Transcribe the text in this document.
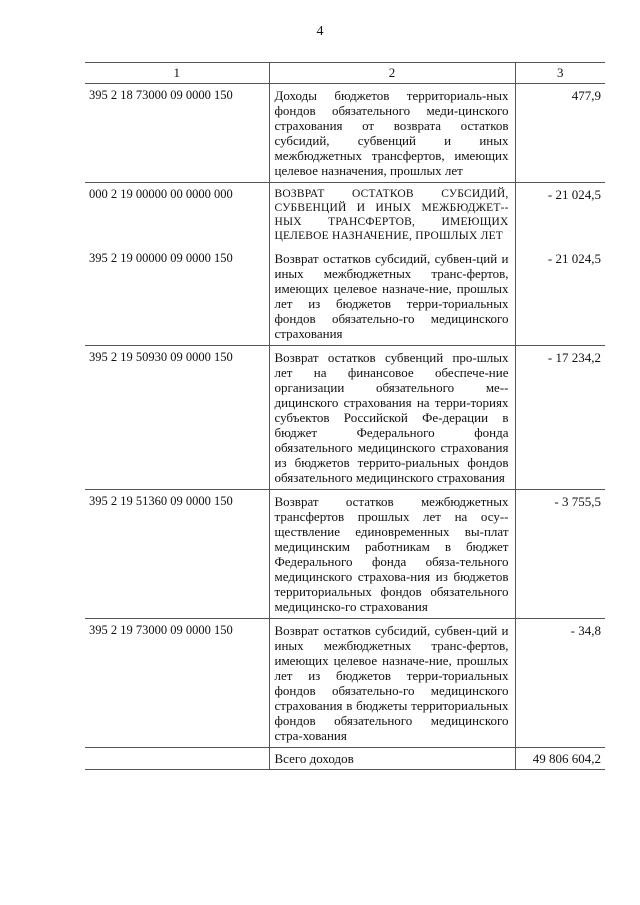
4
1	2	3
395 2 18 73000 09 0000 150	Доходы бюджетов территориаль-ных фондов обязательного меди-цинского страхования от возврата остатков субсидий, субвенций и иных межбюджетных трансфертов, имеющих целевое назначения, прошлых лет	477,9
000 2 19 00000 00 0000 000	ВОЗВРАТ ОСТАТКОВ СУБСИДИЙ, СУБВЕНЦИЙ И ИНЫХ МЕЖБЮДЖЕТ-НЫХ ТРАНСФЕРТОВ, ИМЕЮЩИХ ЦЕЛЕВОЕ НАЗНАЧЕНИЕ, ПРОШЛЫХ ЛЕТ	- 21 024,5
395 2 19 00000 09 0000 150	Возврат остатков субсидий, субвен-ций и иных межбюджетных транс-фертов, имеющих целевое назначе-ние, прошлых лет из бюджетов терри-ториальных фондов обязательно-го медицинского страхования	- 21 024,5
395 2 19 50930 09 0000 150	Возврат остатков субвенций про-шлых лет на финансовое обеспече-ние организации обязательного ме-дицинского страхования на терри-ториях субъектов Российской Фе-дерации в бюджет Федерального фонда обязательного медицинского страхования из бюджетов террито-риальных фондов обязательного медицинского страхования	- 17 234,2
395 2 19 51360 09 0000 150	Возврат остатков межбюджетных трансфертов прошлых лет на осу-ществление единовременных вы-плат медицинским работникам в бюджет Федерального фонда обяза-тельного медицинского страхова-ния из бюджетов территориальных фондов обязательного медицинско-го страхования	- 3 755,5
395 2 19 73000 09 0000 150	Возврат остатков субсидий, субвен-ций и иных межбюджетных транс-фертов, имеющих целевое назначе-ние, прошлых лет из бюджетов терри-ториальных фондов обязательно-го медицинского страхования в бюджеты территориальных фондов обязательного медицинского стра-хования	- 34,8
	Всего доходов	49 806 604,2
